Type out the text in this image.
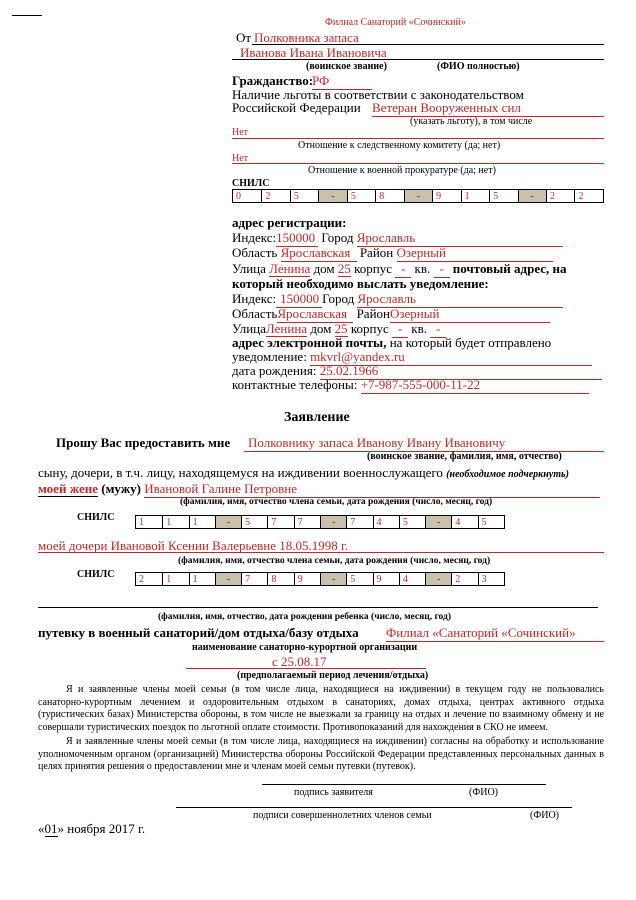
Филиал Санаторий «Сочинский»
От Полковника запаса
Иванова Ивана Ивановича
(воинское звание)	(ФИО полностью)
Гражданство:
РФ
Наличие льготы в соответствии с законодательством
Российской Федерации Ветеран Вооруженных сил
(указать льготу), в том числе
Нет
Отношение к следственному комитету (да; нет)
Нет
Отношение к военной прокуратуре (да; нет)
СНИЛС
0	2	5	-	5	8	-	9	1	5	-	2	2
адрес регистрации:
Индекс:150000 Город Ярославль
Область Ярославская Район Озерный
Улица Ленина дом 25 корпус - кв. - почтовый адрес, на
который необходимо выслать уведомление:
Индекс: 150000 Город Ярославль
ОбластьЯрославская РайонОзерный
УлицаЛенина дом 25 корпус - кв. -
адрес электронной почты, на который будет отправлено
уведомление: mkvrl@yandex.ru
дата рождения: 25.02.1966
контактные телефоны: +7-987-555-000-11-22
Заявление
Прошу Вас предоставить мне	Полковнику запаса Иванову Ивану Ивановичу
(воинское звание, фамилия, имя, отчество)
сыну, дочери, в т.ч. лицу, находящемуся на иждивении военнослужащего (необходимое подчеркнуть)
моей жене (мужу) Ивановой Галине Петровне
(фамилия, имя, отчество члена семьи, дата рождения (число, месяц, год)
СНИЛС	1	1	1	-	5	7	7	-	7	4	5	-	4	5
моей дочери Ивановой Ксении Валерьевне 18.05.1998 г.
(фамилия, имя, отчество члена семьи, дата рождения (число, месяц, год)
СНИЛС	2	1	1	-	7	8	9	-	5	9	4	-	2	3
(фамилия, имя, отчество, дата рождения ребенка (число, месяц, год)
путевку в военный санаторий/дом отдыха/базу отдыха Филиал «Санаторий «Сочинский»
наименование санаторно-курортной организации
с 25.08.17
(предполагаемый период лечения/отдыха)
Я и заявленные члены моей семьи (в том числе лица, находящиеся на иждивении) в текущем году не пользовались санаторно-курортным лечением и оздоровительным отдыхом в санаториях, домах отдыха, центрах активного отдыха (туристических базах) Министерства обороны, в том числе не выезжали за границу на отдых и лечение по взаимному обмену и не совершали туристических поездок по льготной оплате стоимости. Противопоказаний для нахождения в СКО не имеем.
Я и заявленные члены моей семьи (в том числе лица, находящиеся на иждивении) согласны на обработку и использование уполномоченным органом (организацией) Министерства обороны Российской Федерации представленных персональных данных в целях принятия решения о предоставлении мне и членам моей семьи путевки (путевок).
подпись заявителя	(ФИО)
подписи совершеннолетних членов семьи	(ФИО)
«01» ноября 2017 г.
